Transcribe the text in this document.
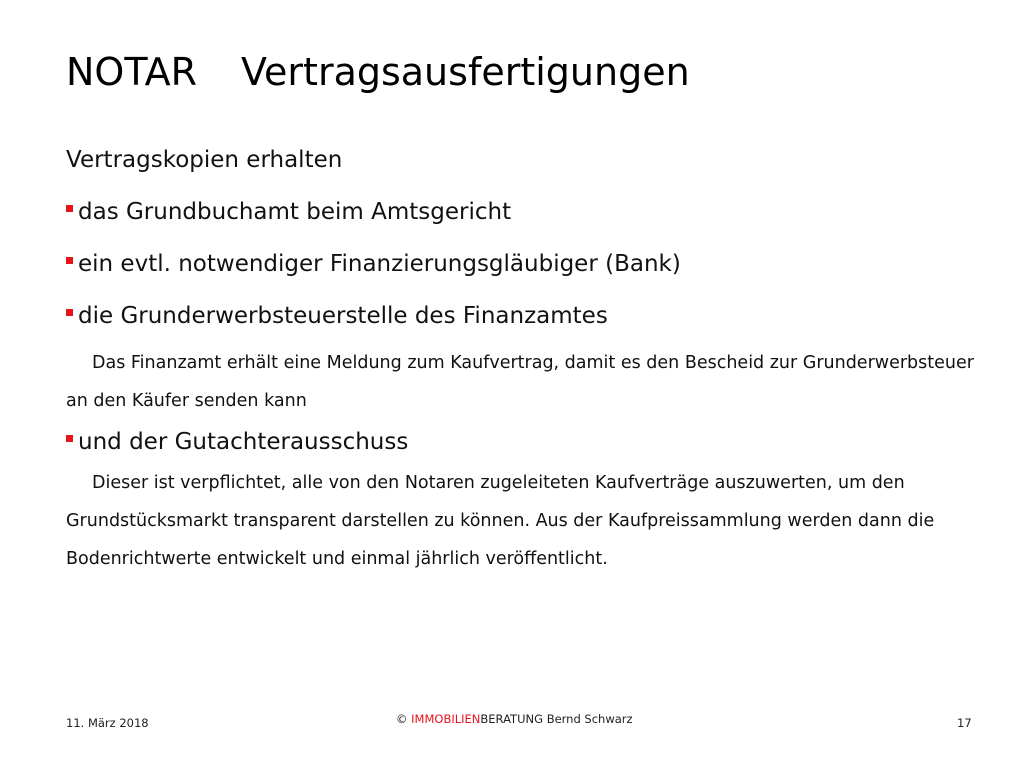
NOTAR Vertragsausfertigungen
Vertragskopien erhalten
das Grundbuchamt beim Amtsgericht
ein evtl. notwendiger Finanzierungsgläubiger (Bank)
die Grunderwerbsteuerstelle des Finanzamtes
Das Finanzamt erhält eine Meldung zum Kaufvertrag, damit es den Bescheid zur Grunderwerbsteuer an den Käufer senden kann
und der Gutachterausschuss
Dieser ist verpflichtet, alle von den Notaren zugeleiteten Kaufverträge auszuwerten, um den Grundstücksmarkt transparent darstellen zu können. Aus der Kaufpreissammlung werden dann die Bodenrichtwerte entwickelt und einmal jährlich veröffentlicht.
11. März 2018	© IMMOBILIENBERATUNG Bernd Schwarz	17
